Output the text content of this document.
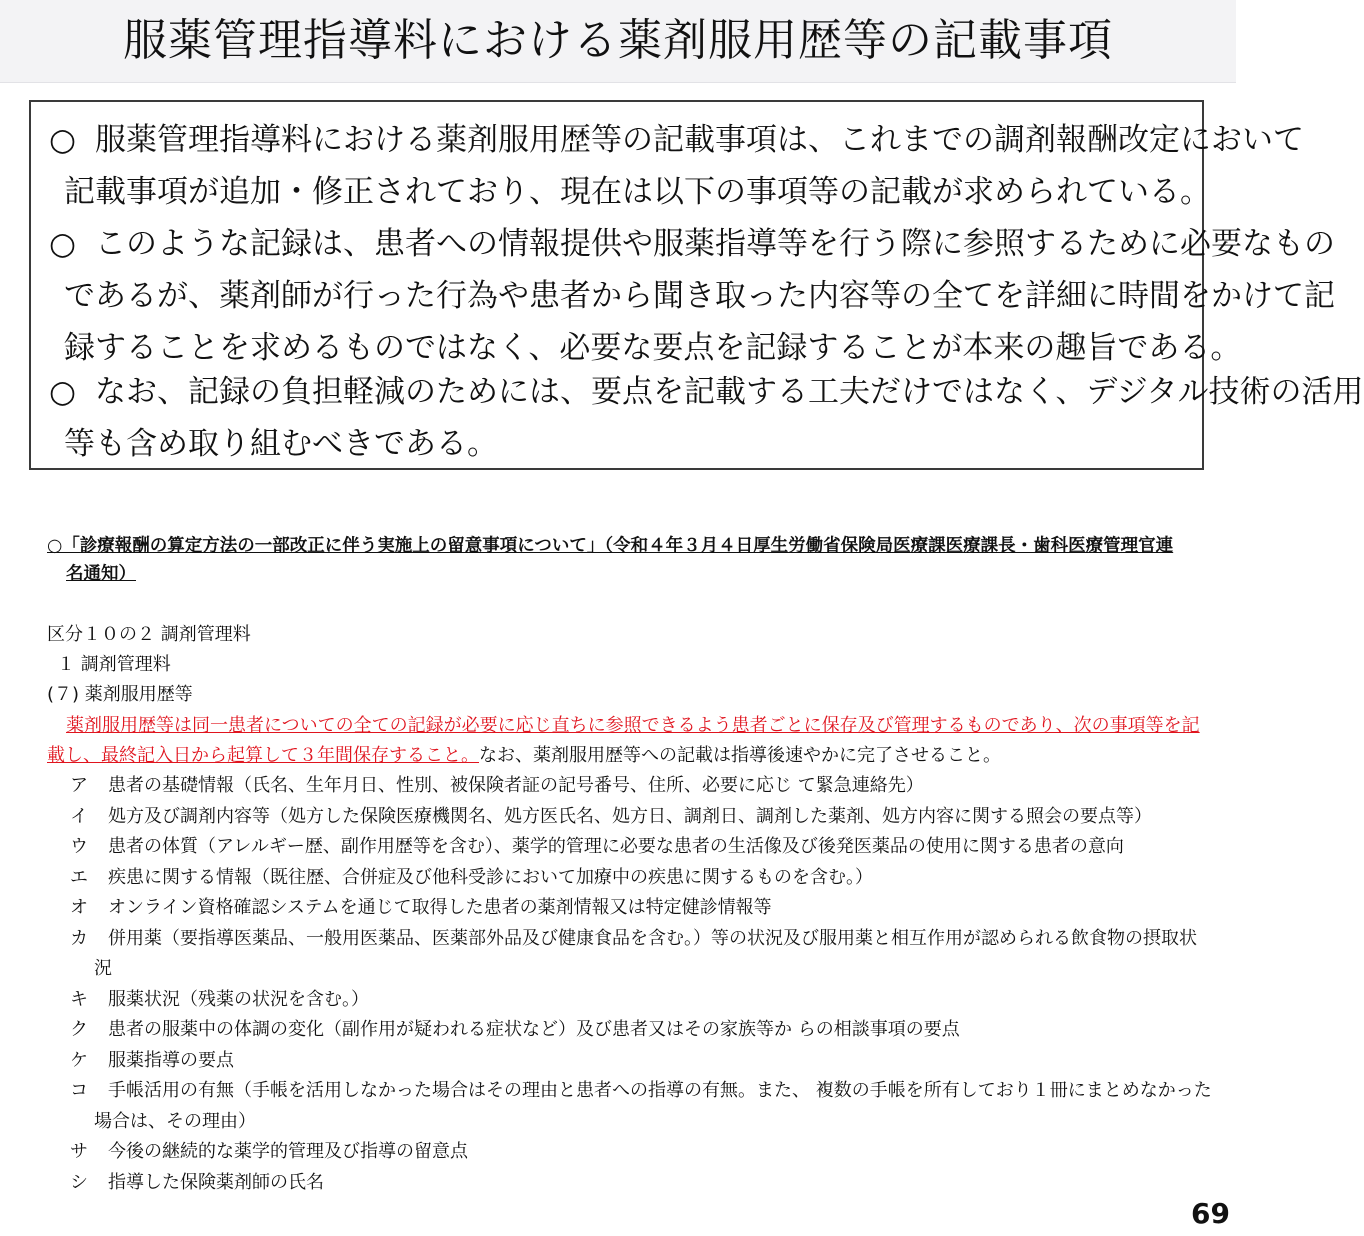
服薬管理指導料における薬剤服用歴等の記載事項
○ 服薬管理指導料における薬剤服用歴等の記載事項は、これまでの調剤報酬改定において
記載事項が追加・修正されており、現在は以下の事項等の記載が求められている。
○ このような記録は、患者への情報提供や服薬指導等を行う際に参照するために必要なもの
であるが、薬剤師が行った行為や患者から聞き取った内容等の全てを詳細に時間をかけて記
録することを求めるものではなく、必要な要点を記録することが本来の趣旨である。
○ なお、記録の負担軽減のためには、要点を記載する工夫だけではなく、デジタル技術の活用
等も含め取り組むべきである。
○「診療報酬の算定方法の一部改正に伴う実施上の留意事項について」（令和４年３月４日厚生労働省保険局医療課医療課長・歯科医療管理官連
名通知）
区分１０の２ 調剤管理料
１ 調剤管理料
(７) 薬剤服用歴等
薬剤服用歴等は同一患者についての全ての記録が必要に応じ直ちに参照できるよう患者ごとに保存及び管理するものであり、次の事項等を記
載し、最終記入日から起算して３年間保存すること。なお、薬剤服用歴等への記載は指導後速やかに完了させること。
ア 患者の基礎情報（氏名、生年月日、性別、被保険者証の記号番号、住所、必要に応じ て緊急連絡先）
イ 処方及び調剤内容等（処方した保険医療機関名、処方医氏名、処方日、調剤日、調剤した薬剤、処方内容に関する照会の要点等）
ウ 患者の体質（アレルギー歴、副作用歴等を含む）、薬学的管理に必要な患者の生活像及び後発医薬品の使用に関する患者の意向
エ 疾患に関する情報（既往歴、合併症及び他科受診において加療中の疾患に関するものを含む。）
オ オンライン資格確認システムを通じて取得した患者の薬剤情報又は特定健診情報等
カ 併用薬（要指導医薬品、一般用医薬品、医薬部外品及び健康食品を含む。）等の状況及び服用薬と相互作用が認められる飲食物の摂取状
況
キ 服薬状況（残薬の状況を含む。）
ク 患者の服薬中の体調の変化（副作用が疑われる症状など）及び患者又はその家族等か らの相談事項の要点
ケ 服薬指導の要点
コ 手帳活用の有無（手帳を活用しなかった場合はその理由と患者への指導の有無。また、 複数の手帳を所有しており１冊にまとめなかった
場合は、その理由）
サ 今後の継続的な薬学的管理及び指導の留意点
シ 指導した保険薬剤師の氏名
69
